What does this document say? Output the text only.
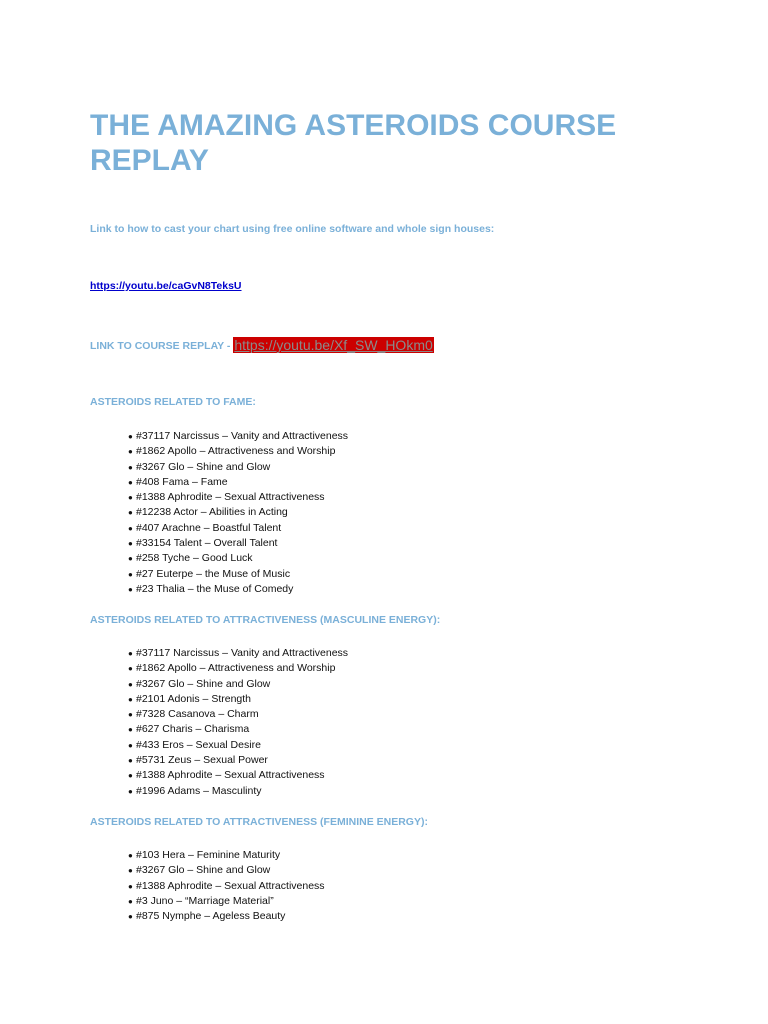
THE AMAZING ASTEROIDS COURSE REPLAY
Link to how to cast your chart using free online software and whole sign houses:
https://youtu.be/caGvN8TeksU
LINK TO COURSE REPLAY - https://youtu.be/Xf_SW_HOkm0
ASTEROIDS RELATED TO FAME:
● #37117 Narcissus – Vanity and Attractiveness
● #1862 Apollo – Attractiveness and Worship
● #3267 Glo – Shine and Glow
● #408 Fama – Fame
● #1388 Aphrodite – Sexual Attractiveness
● #12238 Actor – Abilities in Acting
● #407 Arachne – Boastful Talent
● #33154 Talent – Overall Talent
● #258 Tyche – Good Luck
● #27 Euterpe – the Muse of Music
● #23 Thalia – the Muse of Comedy
ASTEROIDS RELATED TO ATTRACTIVENESS (MASCULINE ENERGY):
● #37117 Narcissus – Vanity and Attractiveness
● #1862 Apollo – Attractiveness and Worship
● #3267 Glo – Shine and Glow
● #2101 Adonis – Strength
● #7328 Casanova – Charm
● #627 Charis – Charisma
● #433 Eros – Sexual Desire
● #5731 Zeus – Sexual Power
● #1388 Aphrodite – Sexual Attractiveness
● #1996 Adams – Masculinty
ASTEROIDS RELATED TO ATTRACTIVENESS (FEMININE ENERGY):
● #103 Hera – Feminine Maturity
● #3267 Glo – Shine and Glow
● #1388 Aphrodite – Sexual Attractiveness
● #3 Juno – “Marriage Material”
● #875 Nymphe – Ageless Beauty
